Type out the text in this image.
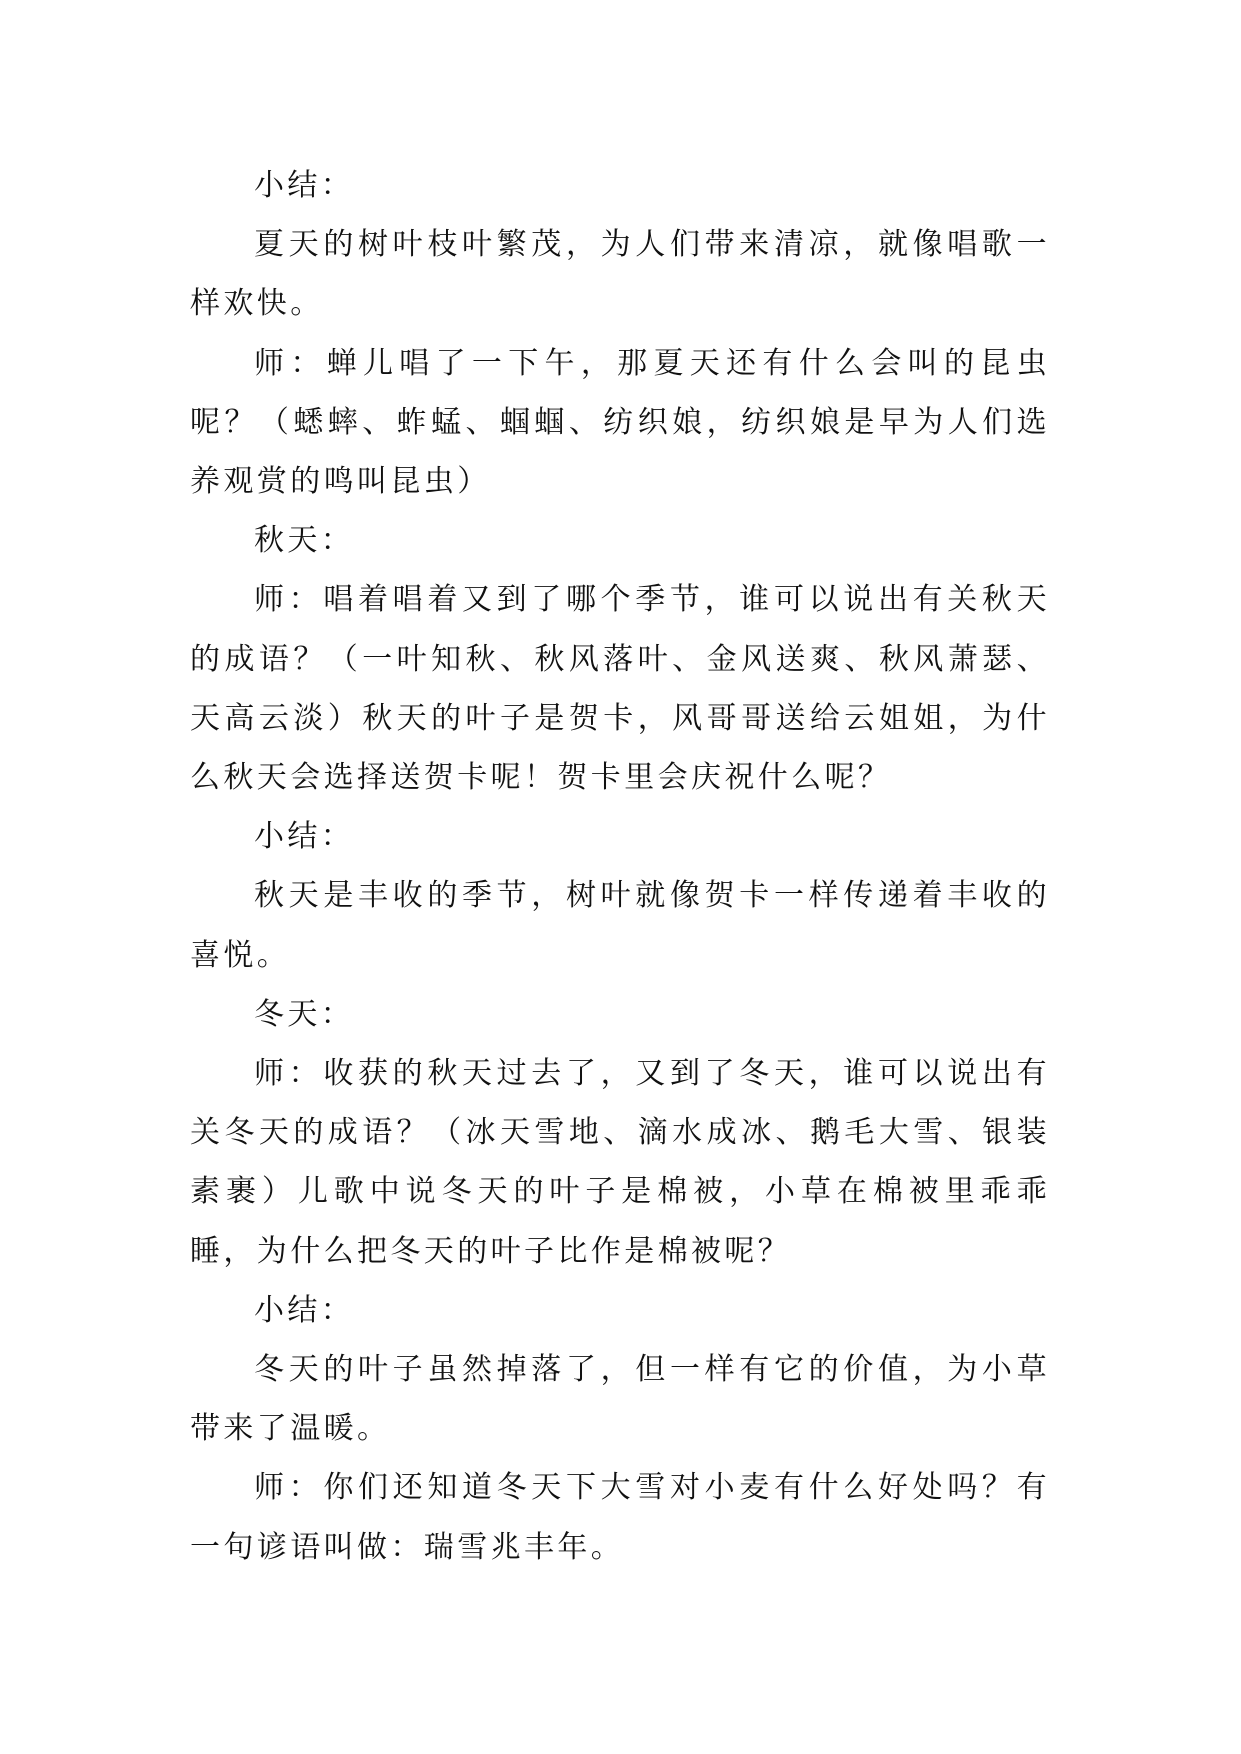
小结：

夏天的树叶枝叶繁茂，为人们带来清凉，就像唱歌一样欢快。

师：蝉儿唱了一下午，那夏天还有什么会叫的昆虫呢？（蟋蟀、蚱蜢、蝈蝈、纺织娘，纺织娘是早为人们选养观赏的鸣叫昆虫）

秋天：

师：唱着唱着又到了哪个季节，谁可以说出有关秋天的成语？（一叶知秋、秋风落叶、金风送爽、秋风萧瑟、天高云淡）秋天的叶子是贺卡，风哥哥送给云姐姐，为什么秋天会选择送贺卡呢！贺卡里会庆祝什么呢？

小结：

秋天是丰收的季节，树叶就像贺卡一样传递着丰收的喜悦。

冬天：

师：收获的秋天过去了，又到了冬天，谁可以说出有关冬天的成语？（冰天雪地、滴水成冰、鹅毛大雪、银装素裹）儿歌中说冬天的叶子是棉被，小草在棉被里乖乖睡，为什么把冬天的叶子比作是棉被呢？

小结：

冬天的叶子虽然掉落了，但一样有它的价值，为小草带来了温暖。

师：你们还知道冬天下大雪对小麦有什么好处吗？有一句谚语叫做：瑞雪兆丰年。
